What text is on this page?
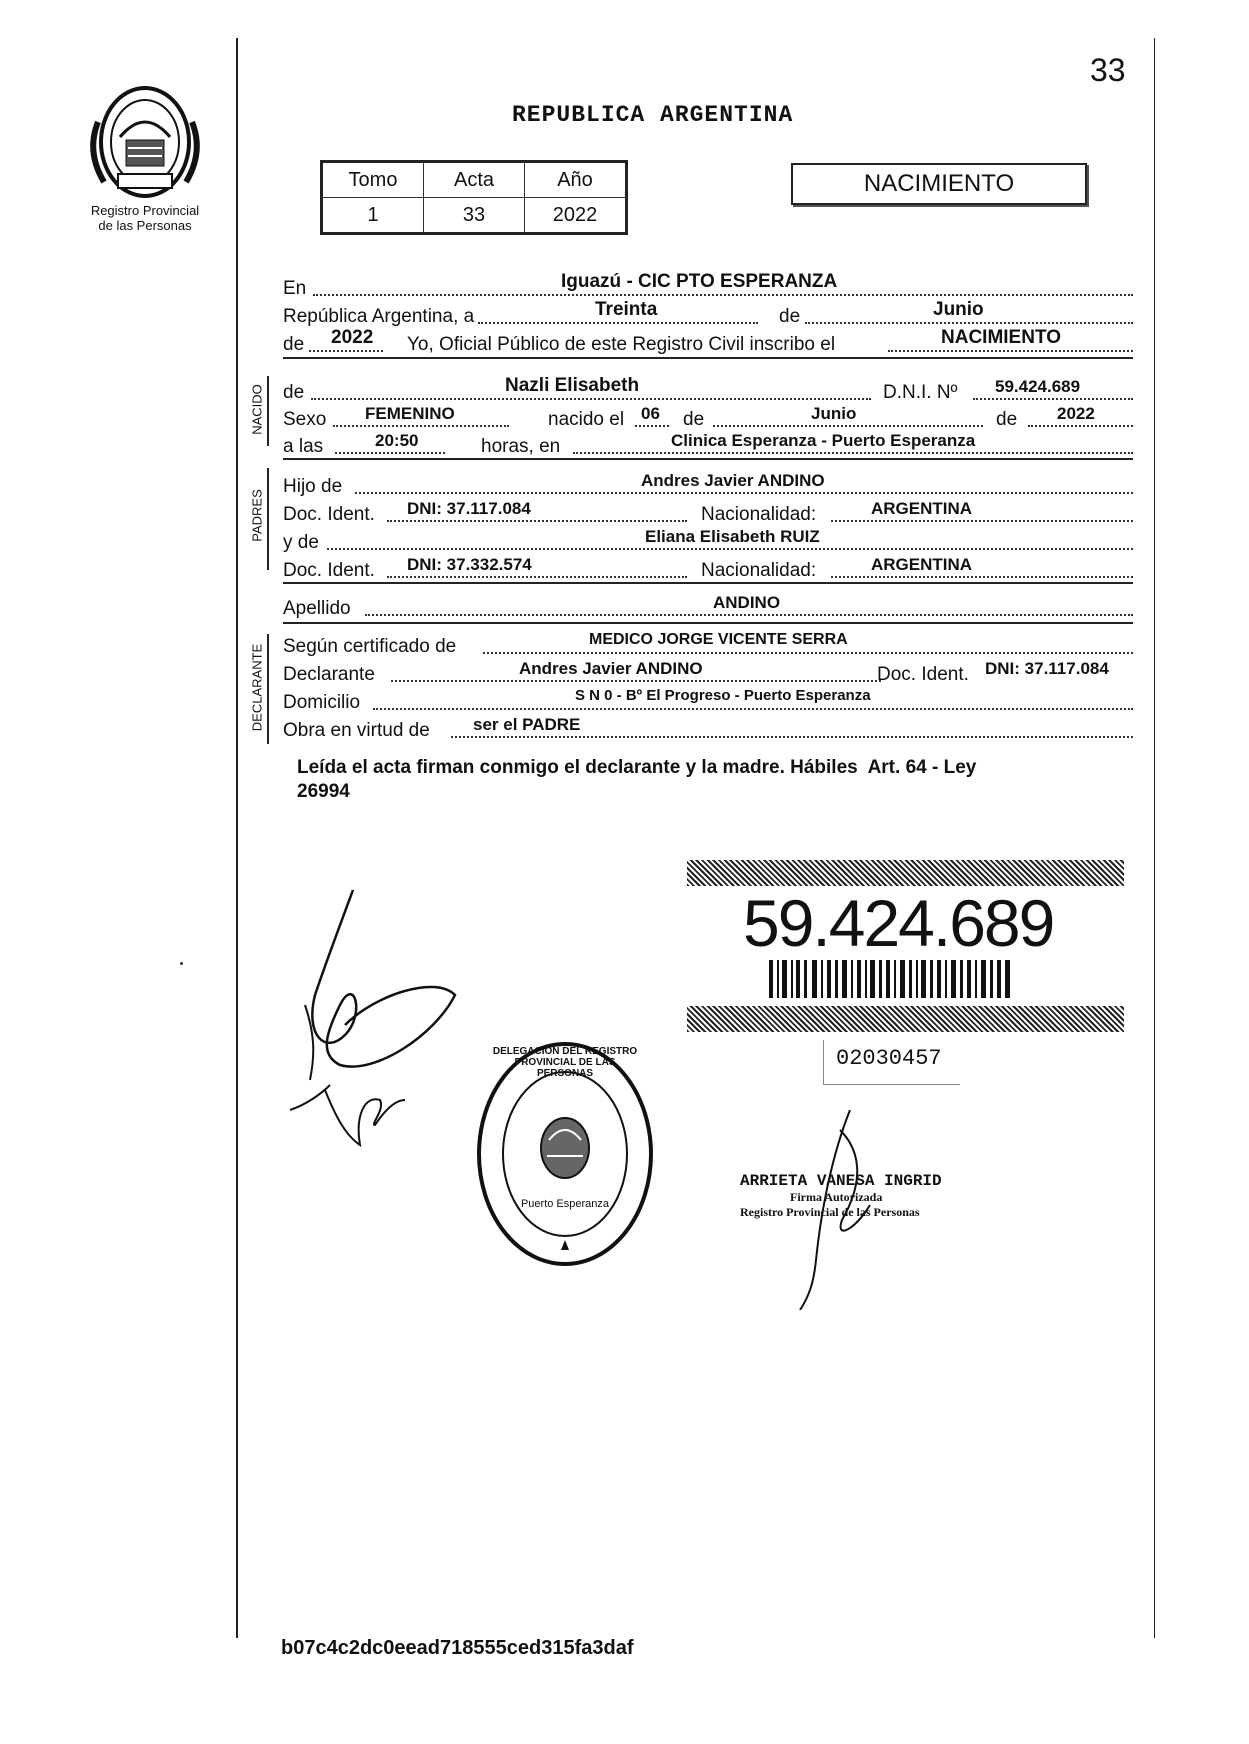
33
Registro Provincial
de las Personas
REPUBLICA ARGENTINA
Tomo	Acta	Año
1	33	2022
NACIMIENTO
En	Iguazú - CIC PTO ESPERANZA
República Argentina, a	Treinta	de	Junio
de 2022 Yo, Oficial Público de este Registro Civil inscribo el	NACIMIENTO
NACIDO de	Nazli Elisabeth	D.N.I. Nº 59.424.689
Sexo FEMENINO	nacido el 06 de	Junio	de 2022
a las	20:50	horas, en	Clinica Esperanza - Puerto Esperanza
PADRES
Hijo de	Andres Javier ANDINO
Doc. Ident. DNI: 37.117.084	Nacionalidad:	ARGENTINA
y de	Eliana Elisabeth RUIZ
Doc. Ident. DNI: 37.332.574	Nacionalidad:	ARGENTINA
Apellido	ANDINO
DECLARANTE Según certificado de	MEDICO JORGE VICENTE SERRA
Declarante	Andres Javier ANDINO	Doc. Ident. DNI: 37.117.084
Domicilio	S N 0 - Bº El Progreso - Puerto Esperanza
Obra en virtud de	ser el PADRE
Leída el acta firman conmigo el declarante y la madre. Hábiles  Art. 64 - Ley
26994
59.424.689
02030457
DELEGACION DEL REGISTRO PROVINCIAL DE LAS PERSONAS
Puerto Esperanza
ARRIETA VANESA INGRID
Firma Autorizada
Registro Provincial de las Personas
b07c4c2dc0eead718555ced315fa3daf
